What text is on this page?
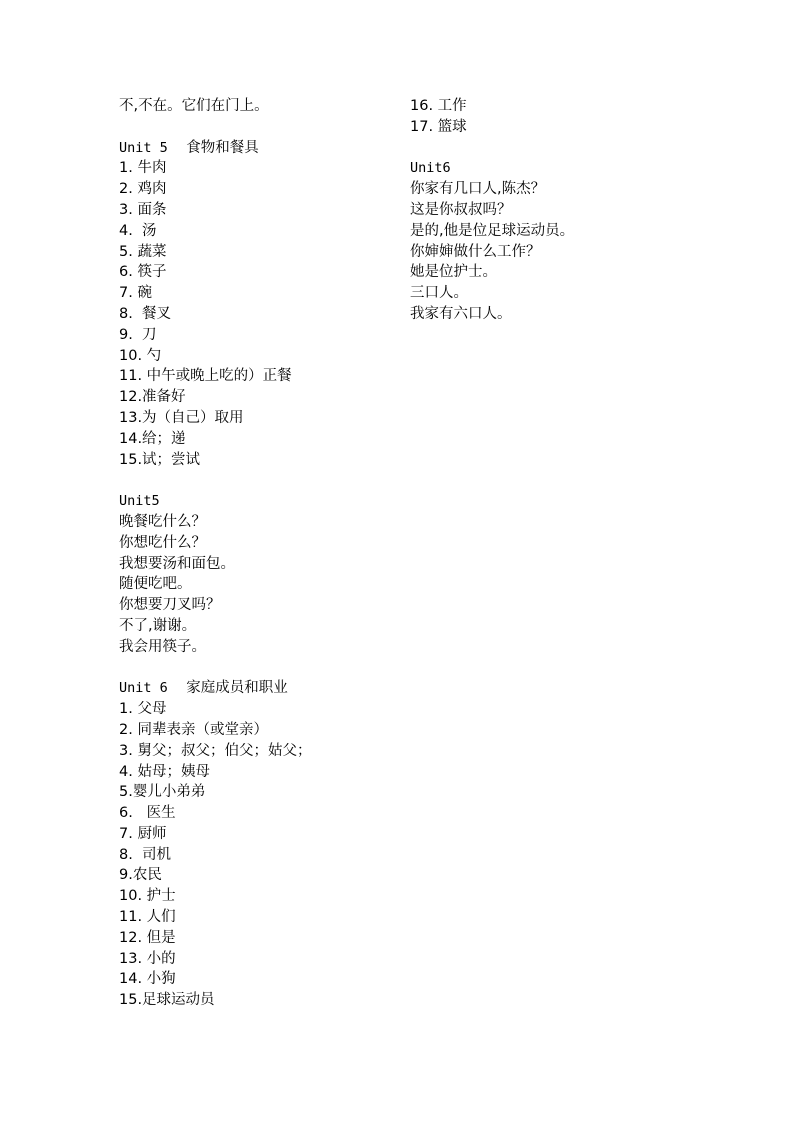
不,不在。它们在门上。
Unit 5 食物和餐具
1. 牛肉
2. 鸡肉
3. 面条
4.  汤
5. 蔬菜
6. 筷子
7. 碗
8.  餐叉
9.  刀
10. 勺
11. 中午或晚上吃的）正餐
12.准备好
13.为（自己）取用
14.给；递
15.试；尝试
Unit5
晚餐吃什么？
你想吃什么？
我想要汤和面包。
随便吃吧。
你想要刀叉吗？
不了,谢谢。
我会用筷子。
Unit 6 家庭成员和职业
1. 父母
2. 同辈表亲（或堂亲）
3. 舅父；叔父；伯父；姑父；
4. 姑母；姨母
5.婴儿小弟弟
6.   医生
7. 厨师
8.  司机
9.农民
10. 护士
11. 人们
12. 但是
13. 小的
14. 小狗
15.足球运动员
16. 工作
17. 篮球
Unit6
你家有几口人,陈杰？
这是你叔叔吗？
是的,他是位足球运动员。
你婶婶做什么工作？
她是位护士。
三口人。
我家有六口人。
